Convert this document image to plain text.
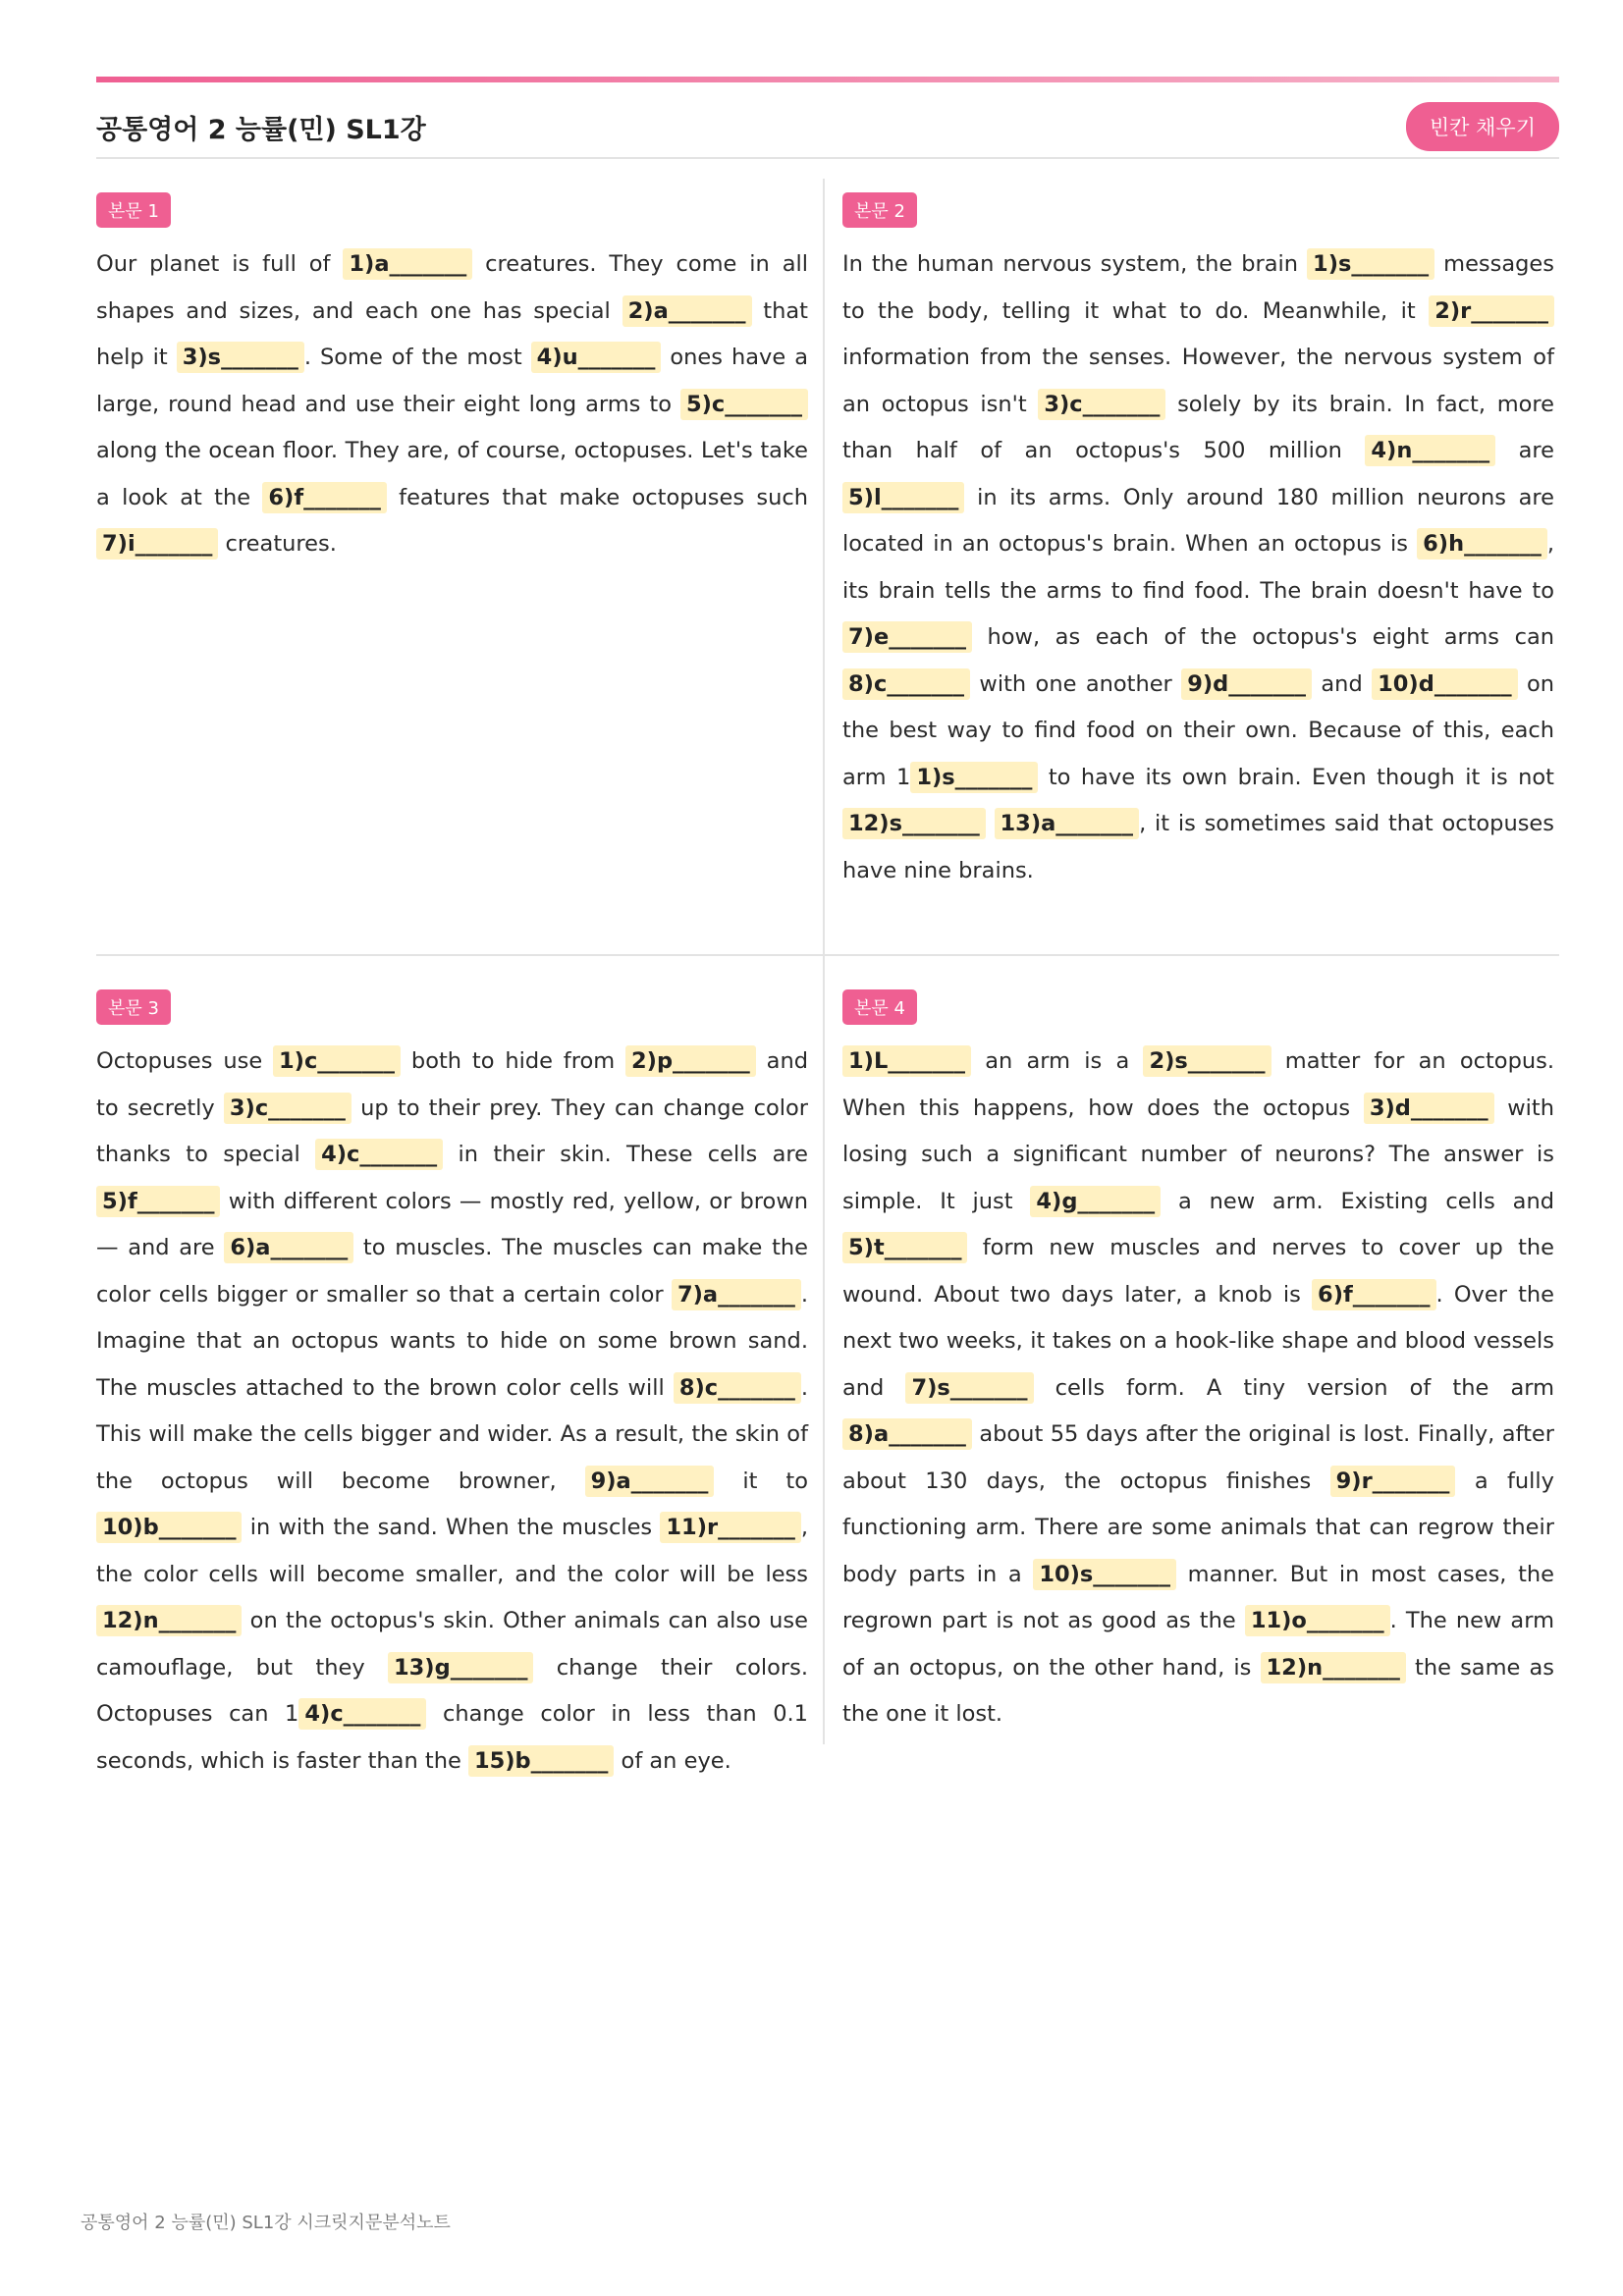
공통영어 2 능률(민) SL1강	빈칸 채우기
본문 1
Our planet is full of 1)a_______ creatures. They come in all shapes and sizes, and each one has special 2)a_______ that help it 3)s_______ . Some of the most 4)u_______ ones have a large, round head and use their eight long arms to 5)c_______ along the ocean floor. They are, of course, octopuses. Let's take a look at the 6)f_______ features that make octopuses such 7)i_______ creatures.
본문 2
In the human nervous system, the brain 1)s_______ messages to the body, telling it what to do. Meanwhile, it 2)r_______ information from the senses. However, the nervous system of an octopus isn't 3)c_______ solely by its brain. In fact, more than half of an octopus's 500 million 4)n_______ are 5)l_______ in its arms. Only around 180 million neurons are located in an octopus's brain. When an octopus is 6)h_______ , its brain tells the arms to find food. The brain doesn't have to 7)e_______ how, as each of the octopus's eight arms can 8)c_______ with one another 9)d_______ and 10)d_______ on the best way to find food on their own. Because of this, each arm 1 1)s_______ to have its own brain. Even though it is not 12)s_______ 13)a_______ , it is sometimes said that octopuses have nine brains.
본문 3
Octopuses use 1)c_______ both to hide from 2)p_______ and to secretly 3)c_______ up to their prey. They can change color thanks to special 4)c_______ in their skin. These cells are 5)f_______ with different colors — mostly red, yellow, or brown — and are 6)a_______ to muscles. The muscles can make the color cells bigger or smaller so that a certain color 7)a_______ . Imagine that an octopus wants to hide on some brown sand. The muscles attached to the brown color cells will 8)c_______ . This will make the cells bigger and wider. As a result, the skin of the octopus will become browner, 9)a_______ it to 10)b_______ in with the sand. When the muscles 11)r_______ , the color cells will become smaller, and the color will be less 12)n_______ on the octopus's skin. Other animals can also use camouflage, but they 13)g_______ change their colors. Octopuses can 1 4)c_______ change color in less than 0.1 seconds, which is faster than the 15)b_______ of an eye.
본문 4
1)L_______ an arm is a 2)s_______ matter for an octopus. When this happens, how does the octopus 3)d_______ with losing such a significant number of neurons? The answer is simple. It just 4)g_______ a new arm. Existing cells and 5)t_______ form new muscles and nerves to cover up the wound. About two days later, a knob is 6)f_______ . Over the next two weeks, it takes on a hook-like shape and blood vessels and 7)s_______ cells form. A tiny version of the arm 8)a_______ about 55 days after the original is lost. Finally, after about 130 days, the octopus finishes 9)r_______ a fully functioning arm. There are some animals that can regrow their body parts in a 10)s_______ manner. But in most cases, the regrown part is not as good as the 11)o_______ . The new arm of an octopus, on the other hand, is 12)n_______ the same as the one it lost.
공통영어 2 능률(민) SL1강 시크릿지문분석노트
